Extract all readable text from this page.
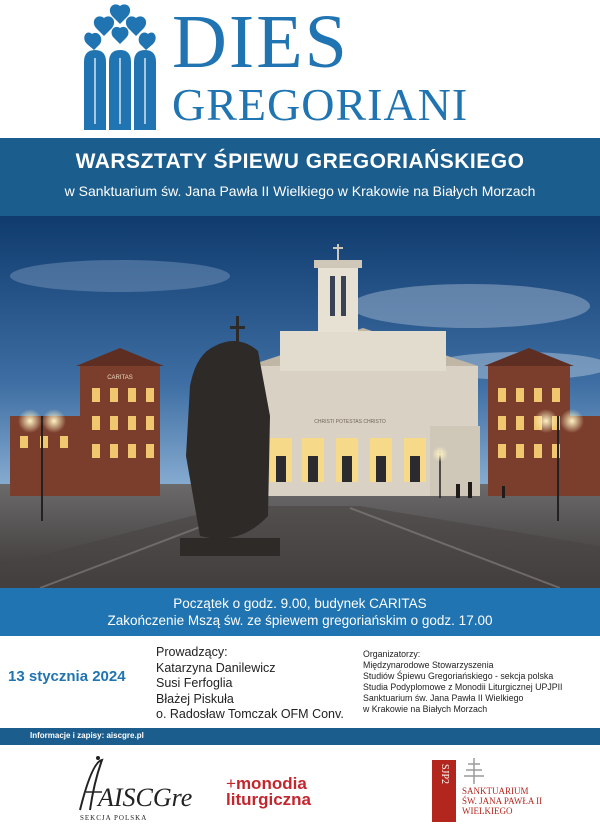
DIES
GREGORIANI
WARSZTATY ŚPIEWU GREGORIAŃSKIEGO
w Sanktuarium św. Jana Pawła II Wielkiego w Krakowie na Białych Morzach
CARITAS
CHRISTI POTESTAS CHRISTO
Początek o godz. 9.00, budynek CARITAS
Zakończenie Mszą św. ze śpiewem gregoriańskim o godz. 17.00
13 stycznia 2024
Prowadzący:
Katarzyna Danilewicz
Susi Ferfoglia
Błażej Piskuła
o. Radosław Tomczak OFM Conv.
Organizatorzy:
Międzynarodowe Stowarzyszenia
Studiów Śpiewu Gregoriańskiego - sekcja polska
Studia Podyplomowe z Monodii Liturgicznej UPJPII
Sanktuarium św. Jana Pawła II Wielkiego
w Krakowie na Białych Morzach
Informacje i zapisy: aiscgre.pl
AISCGre
SEKCJA POLSKA
+monodia
liturgiczna
SJP2
SANKTUARIUM
ŚW. JANA PAWŁA II
WIELKIEGO
